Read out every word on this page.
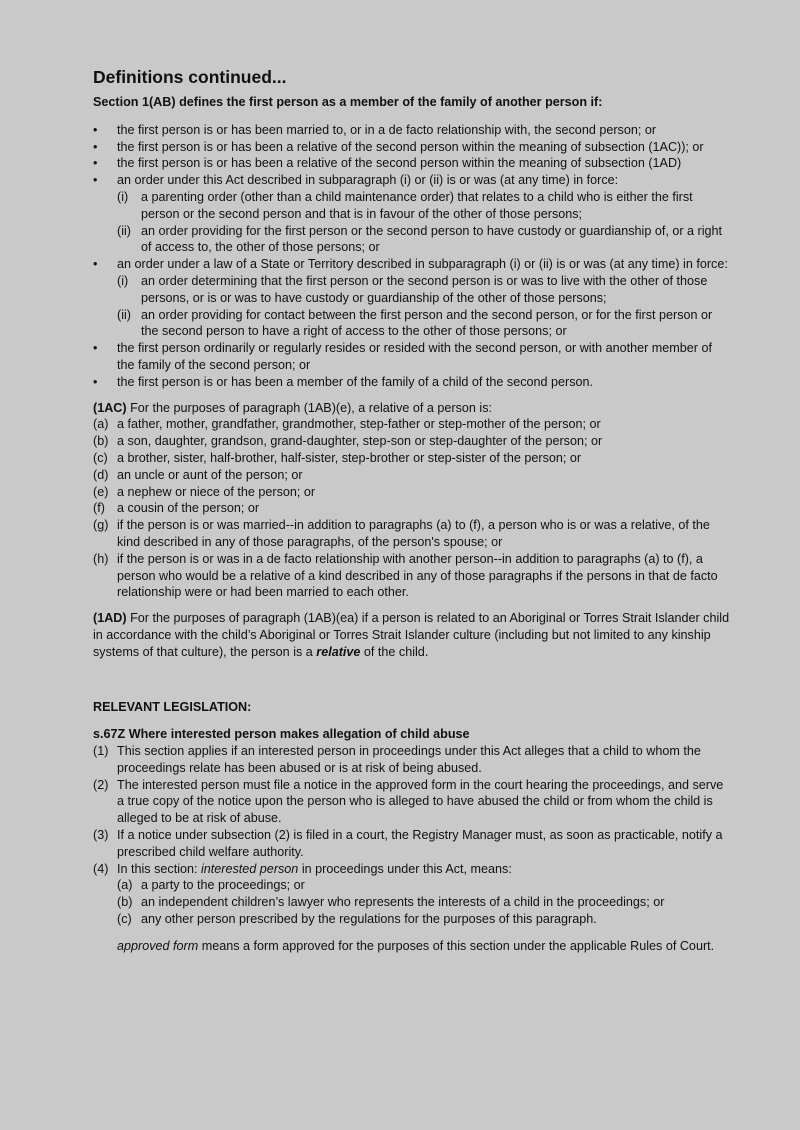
Definitions continued...

Section 1(AB) defines the first person as a member of the family of another person if:

• the first person is or has been married to, or in a de facto relationship with, the second person; or
• the first person is or has been a relative of the second person within the meaning of subsection (1AC)); or
• the first person is or has been a relative of the second person within the meaning of subsection (1AD)
• an order under this Act described in subparagraph (i) or (ii) is or was (at any time) in force:
(i) a parenting order (other than a child maintenance order) that relates to a child who is either the first person or the second person and that is in favour of the other of those persons;
(ii) an order providing for the first person or the second person to have custody or guardianship of, or a right of access to, the other of those persons; or
• an order under a law of a State or Territory described in subparagraph (i) or (ii) is or was (at any time) in force:
(i) an order determining that the first person or the second person is or was to live with the other of those persons, or is or was to have custody or guardianship of the other of those persons;
(ii) an order providing for contact between the first person and the second person, or for the first person or the second person to have a right of access to the other of those persons; or
• the first person ordinarily or regularly resides or resided with the second person, or with another member of the family of the second person; or
• the first person is or has been a member of the family of a child of the second person.

(1AC) For the purposes of paragraph (1AB)(e), a relative of a person is:

(a) a father, mother, grandfather, grandmother, step-father or step-mother of the person; or
(b) a son, daughter, grandson, grand-daughter, step-son or step-daughter of the person; or
(c) a brother, sister, half-brother, half-sister, step-brother or step-sister of the person; or
(d) an uncle or aunt of the person; or
(e) a nephew or niece of the person; or
(f) a cousin of the person; or
(g) if the person is or was married--in addition to paragraphs (a) to (f), a person who is or was a relative, of the kind described in any of those paragraphs, of the person's spouse; or
(h) if the person is or was in a de facto relationship with another person--in addition to paragraphs (a) to (f), a person who would be a relative of a kind described in any of those paragraphs if the persons in that de facto relationship were or had been married to each other.

(1AD) For the purposes of paragraph (1AB)(ea) if a person is related to an Aboriginal or Torres Strait Islander child in accordance with the child’s Aboriginal or Torres Strait Islander culture (including but not limited to any kinship systems of that culture), the person is a relative of the child.

RELEVANT LEGISLATION:

s.67Z Where interested person makes allegation of child abuse

(1) This section applies if an interested person in proceedings under this Act alleges that a child to whom the proceedings relate has been abused or is at risk of being abused.
(2) The interested person must file a notice in the approved form in the court hearing the proceedings, and serve a true copy of the notice upon the person who is alleged to have abused the child or from whom the child is alleged to be at risk of abuse.
(3) If a notice under subsection (2) is filed in a court, the Registry Manager must, as soon as practicable, notify a prescribed child welfare authority.
(4) In this section: interested person in proceedings under this Act, means:
(a) a party to the proceedings; or
(b) an independent children’s lawyer who represents the interests of a child in the proceedings; or
(c) any other person prescribed by the regulations for the purposes of this paragraph.

approved form means a form approved for the purposes of this section under the applicable Rules of Court.
